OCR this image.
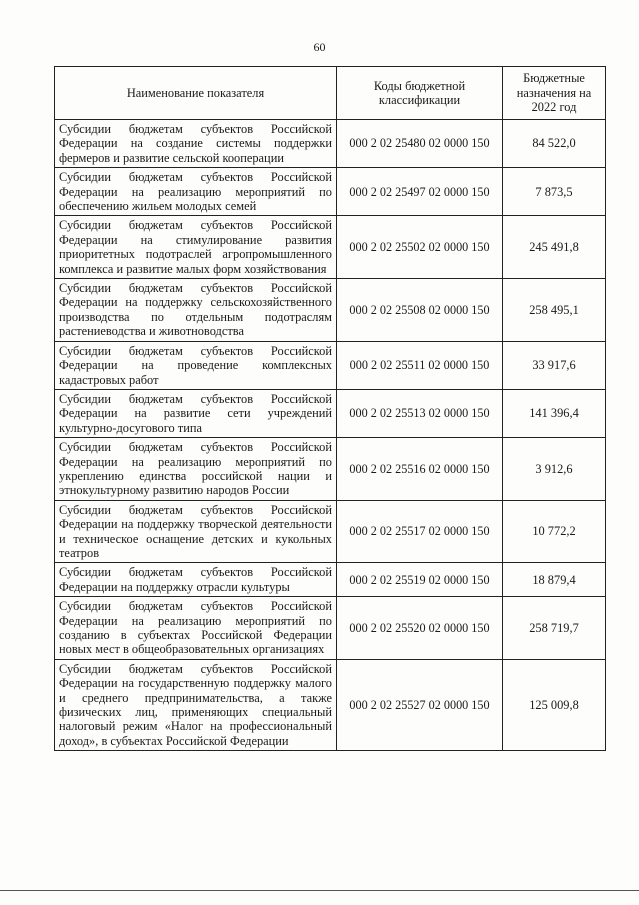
60
Наименование показателя	Коды бюджетной классификации	Бюджетные назначения на 2022 год
Субсидии бюджетам субъектов Российской Федерации на создание системы поддержки фермеров и развитие сельской кооперации	000 2 02 25480 02 0000 150	84 522,0
Субсидии бюджетам субъектов Российской Федерации на реализацию мероприятий по обеспечению жильем молодых семей	000 2 02 25497 02 0000 150	7 873,5
Субсидии бюджетам субъектов Российской Федерации на стимулирование развития приоритетных подотраслей агропромышленного комплекса и развитие малых форм хозяйствования	000 2 02 25502 02 0000 150	245 491,8
Субсидии бюджетам субъектов Российской Федерации на поддержку сельскохозяйственного производства по отдельным подотраслям растениеводства и животноводства	000 2 02 25508 02 0000 150	258 495,1
Субсидии бюджетам субъектов Российской Федерации на проведение комплексных кадастровых работ	000 2 02 25511 02 0000 150	33 917,6
Субсидии бюджетам субъектов Российской Федерации на развитие сети учреждений культурно-досугового типа	000 2 02 25513 02 0000 150	141 396,4
Субсидии бюджетам субъектов Российской Федерации на реализацию мероприятий по укреплению единства российской нации и этнокультурному развитию народов России	000 2 02 25516 02 0000 150	3 912,6
Субсидии бюджетам субъектов Российской Федерации на поддержку творческой деятельности и техническое оснащение детских и кукольных театров	000 2 02 25517 02 0000 150	10 772,2
Субсидии бюджетам субъектов Российской Федерации на поддержку отрасли культуры	000 2 02 25519 02 0000 150	18 879,4
Субсидии бюджетам субъектов Российской Федерации на реализацию мероприятий по созданию в субъектах Российской Федерации новых мест в общеобразовательных организациях	000 2 02 25520 02 0000 150	258 719,7
Субсидии бюджетам субъектов Российской Федерации на государственную поддержку малого и среднего предпринимательства, а также физических лиц, применяющих специальный налоговый режим «Налог на профессиональный доход», в субъектах Российской Федерации	000 2 02 25527 02 0000 150	125 009,8
